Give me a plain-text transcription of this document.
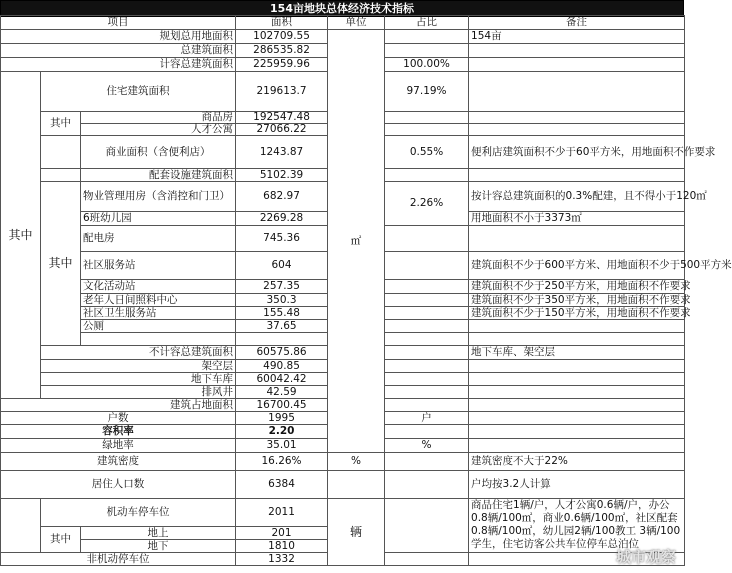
154亩地块总体经济技术指标
项目			面积	单位	占比	备注	
规划总用地面积			102709.55	㎡		154亩	
总建筑面积			286535.82				
计容总建筑面积			225959.96		100.00%		
其中	住宅建筑面积		219613.7		97.19%		
	其中	商品房	192547.48				
		人才公寓	27066.22				
		商业面积（含便利店）	1243.87		0.55%	便利店建筑面积不少于60平方米，用地面积不作要求	
		配套设施建筑面积	5102.39				
	其中	物业管理用房（含消控和门卫）	682.97		2.26%	按计容总建筑面积的0.3%配建，且不得小于120㎡	
		6班幼儿园	2269.28			用地面积不小于3373㎡	
		配电房	745.36				
		社区服务站	604			建筑面积不少于600平方米、用地面积不少于500平方米	
		文化活动站	257.35			建筑面积不少于250平方米，用地面积不作要求	
		老年人日间照料中心	350.3			建筑面积不少于350平方米，用地面积不作要求	
		社区卫生服务站	155.48			建筑面积不少于150平方米，用地面积不作要求	
		公厕	37.65				

	不计容总建筑面积		60575.86			地下车库、架空层	
	架空层		490.85				
	地下车库		60042.42				
	排风井		42.59				
建筑占地面积			16700.45				
户数			1995		户		
容积率			2.20			
绿地率			35.01		%		
建筑密度			16.26%	%		建筑密度不大于22%	
居住人口数			6384			户均按3.2人计算	
	机动车停车位		2011	辆		商品住宅1辆/户，人才公寓0.6辆/户，办公0.8辆/100㎡，商业0.6辆/100㎡，社区配套0.8辆/100㎡，幼儿园2辆/100教工 3辆/100学生，住宅访客公共车位停车总泊位	
	其中	地上	201				
		地下	1810				
非机动停车位			1332					城市观察
